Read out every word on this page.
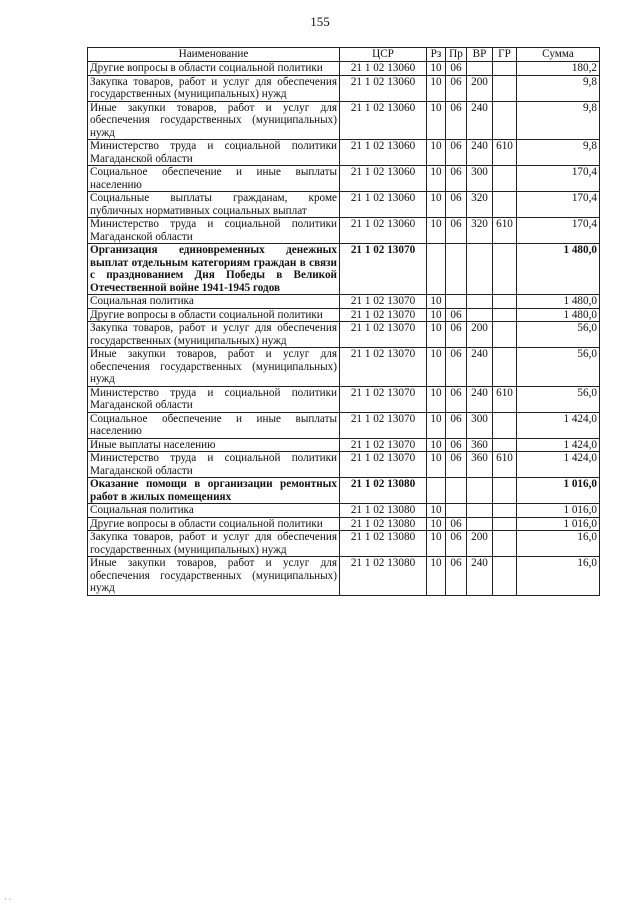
155
Наименование	ЦСР	Рз	Пр	ВР	ГР	Сумма
Другие вопросы в области социальной политики	21 1 02 13060	10	06			180,2
Закупка товаров, работ и услуг для обеспечения государственных (муниципальных) нужд	21 1 02 13060	10	06	200		9,8
Иные закупки товаров, работ и услуг для обеспечения государственных (муниципальных) нужд	21 1 02 13060	10	06	240		9,8
Министерство труда и социальной политики Магаданской области	21 1 02 13060	10	06	240	610	9,8
Социальное обеспечение и иные выплаты населению	21 1 02 13060	10	06	300		170,4
Социальные выплаты гражданам, кроме публичных нормативных социальных выплат	21 1 02 13060	10	06	320		170,4
Министерство труда и социальной политики Магаданской области	21 1 02 13060	10	06	320	610	170,4
Организация единовременных денежных выплат отдельным категориям граждан в связи с празднованием Дня Победы в Великой Отечественной войне 1941-1945 годов	21 1 02 13070					1 480,0
Социальная политика	21 1 02 13070	10				1 480,0
Другие вопросы в области социальной политики	21 1 02 13070	10	06			1 480,0
Закупка товаров, работ и услуг для обеспечения государственных (муниципальных) нужд	21 1 02 13070	10	06	200		56,0
Иные закупки товаров, работ и услуг для обеспечения государственных (муниципальных) нужд	21 1 02 13070	10	06	240		56,0
Министерство труда и социальной политики Магаданской области	21 1 02 13070	10	06	240	610	56,0
Социальное обеспечение и иные выплаты населению	21 1 02 13070	10	06	300		1 424,0
Иные выплаты населению	21 1 02 13070	10	06	360		1 424,0
Министерство труда и социальной политики Магаданской области	21 1 02 13070	10	06	360	610	1 424,0
Оказание помощи в организации ремонтных работ в жилых помещениях	21 1 02 13080					1 016,0
Социальная политика	21 1 02 13080	10				1 016,0
Другие вопросы в области социальной политики	21 1 02 13080	10	06			1 016,0
Закупка товаров, работ и услуг для обеспечения государственных (муниципальных) нужд	21 1 02 13080	10	06	200		16,0
Иные закупки товаров, работ и услуг для обеспечения государственных (муниципальных) нужд	21 1 02 13080	10	06	240		16,0
· ·
